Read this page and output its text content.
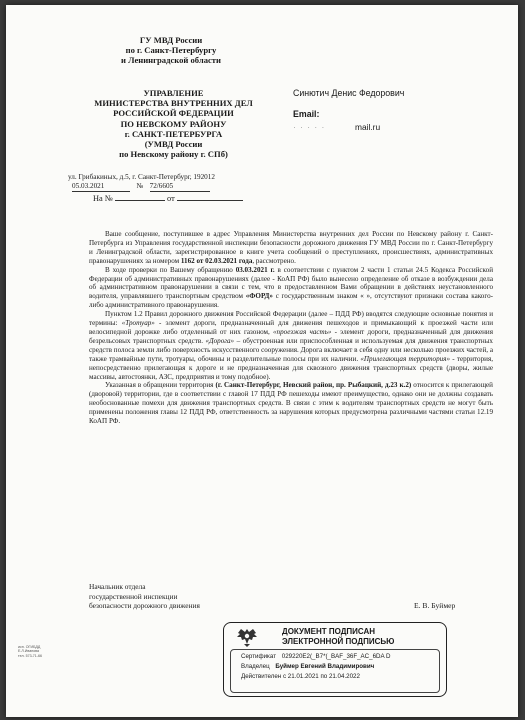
ГУ МВД России
по г. Санкт-Петербургу
и Ленинградской области
УПРАВЛЕНИЕ
МИНИСТЕРСТВА ВНУТРЕННИХ ДЕЛ
РОССИЙСКОЙ ФЕДЕРАЦИИ
ПО НЕВСКОМУ РАЙОНУ
г. САНКТ-ПЕТЕРБУРГА
(УМВД России
по Невскому району г. СПб)
ул. Грибакиных, д.5, г. Санкт-Петербург, 192012
05.03.2021	№ 72/6605
На №	от
Синютич Денис Федорович
Email:
· · · · ·	mail.ru

Ваше сообщение, поступившее в адрес Управления Министерства внутренних дел России по Невскому району г. Санкт-Петербурга из Управления государственной инспекции безопасности дорожного движения ГУ МВД России по г. Санкт-Петербургу и Ленинградской области, зарегистрированное в книге учета сообщений о преступлениях, происшествиях, административных правонарушениях за номером 1162 от 02.03.2021 года, рассмотрено.

В ходе проверки по Вашему обращению 03.03.2021 г. в соответствии с пунктом 2 части 1 статьи 24.5 Кодекса Российской Федерации об административных правонарушениях (далее - КоАП РФ) было вынесено определение об отказе в возбуждении дела об административном правонарушении в связи с тем, что в предоставленном Вами обращении в действиях неустановленного водителя, управлявшего транспортным средством «ФОРД» с государственным знаком « », отсутствуют признаки состава какого-либо административного правонарушения.

Пунктом 1.2 Правил дорожного движения Российской Федерации (далее – ПДД РФ) вводятся следующие основные понятия и термины: «Тротуар» - элемент дороги, предназначенный для движения пешеходов и примыкающий к проезжей части или велосипедной дорожке либо отделенный от них газоном, «проезжая часть» - элемент дороги, предназначенный для движения безрельсовых транспортных средств. «Дорога» – обустроенная или приспособленная и используемая для движения транспортных средств полоса земли либо поверхность искусственного сооружения. Дорога включает в себя одну или несколько проезжих частей, а также трамвайные пути, тротуары, обочины и разделительные полосы при их наличии. «Прилегающая территория» - территория, непосредственно прилегающая к дороге и не предназначенная для сквозного движения транспортных средств (дворы, жилые массивы, автостоянки, АЗС, предприятия и тому подобное).

Указанная в обращении территория (г. Санкт-Петербург, Невский район, пр. Рыбацкий, д.23 к.2) относится к прилегающей (дворовой) территории, где в соответствии с главой 17 ПДД РФ пешеходы имеют преимущество, однако они не должны создавать необоснованные помехи для движения транспортных средств. В связи с этим к водителям транспортных средств не могут быть применены положения главы 12 ПДД РФ, ответственность за нарушения которых предусмотрена различными частями статьи 12.19 КоАП РФ.

Начальник отдела
государственной инспекции
безопасности дорожного движения	Е. В. Буймер
исп. ОГИБДД
Е.Л.Иванова
тел. 573-71-66
ДОКУМЕНТ ПОДПИСАН
ЭЛЕКТРОННОЙ ПОДПИСЬЮ
Сертификат 029220E2(_B7*(_BAF_36F_AC_6DA D
Владелец Буймер Евгений Владимирович
Действителен с 21.01.2021 по 21.04.2022
